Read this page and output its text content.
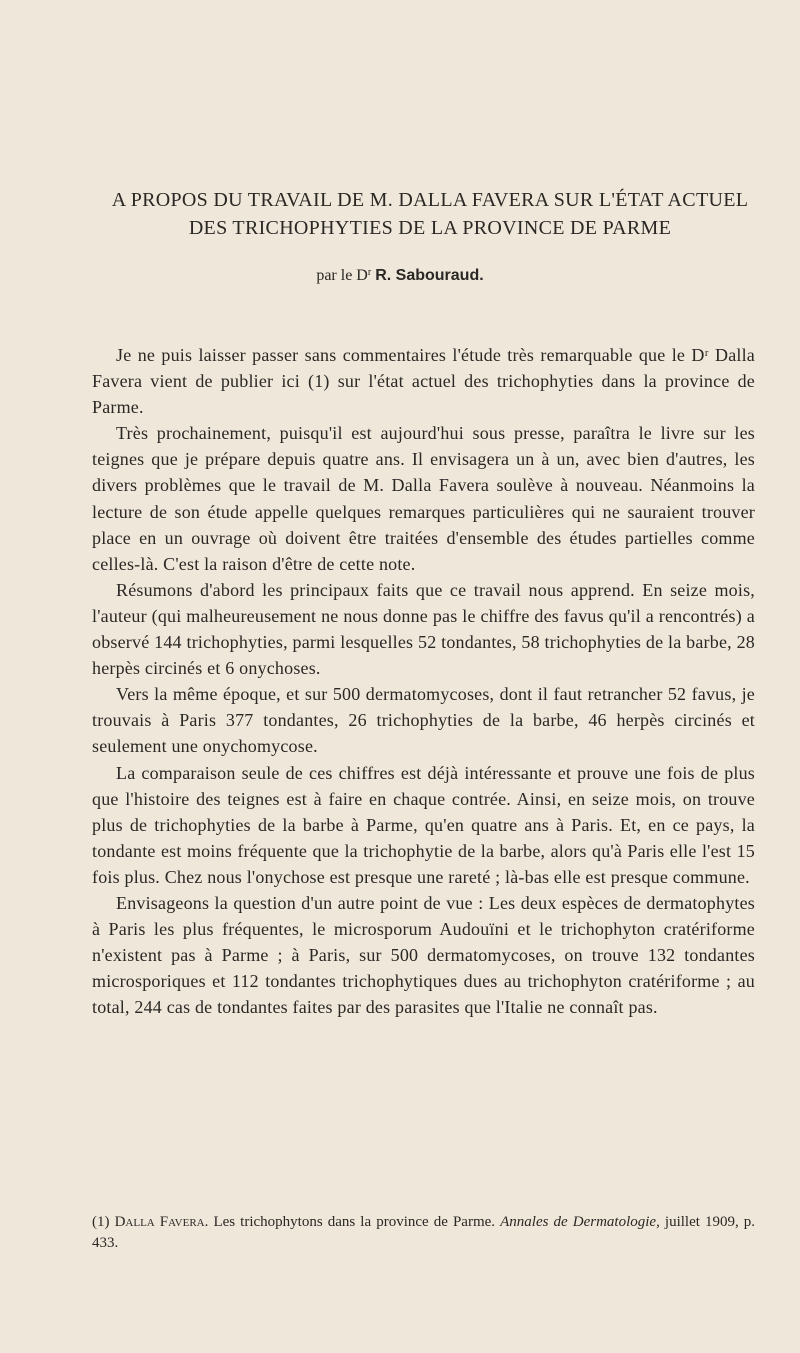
A PROPOS DU TRAVAIL DE M. DALLA FAVERA SUR L'ÉTAT ACTUEL DES TRICHOPHYTIES DE LA PROVINCE DE PARME
par le $D^r$ R. Sabouraud.

Je ne puis laisser passer sans commentaires l'étude très remarquable que le Dʳ Dalla Favera vient de publier ici (1) sur l'état actuel des trichophyties dans la province de Parme.

Très prochainement, puisqu'il est aujourd'hui sous presse, paraîtra le livre sur les teignes que je prépare depuis quatre ans. Il envisagera un à un, avec bien d'autres, les divers problèmes que le travail de M. Dalla Favera soulève à nouveau. Néanmoins la lecture de son étude appelle quelques remarques particulières qui ne sauraient trouver place en un ouvrage où doivent être traitées d'ensemble des études partielles comme celles-là. C'est la raison d'être de cette note.

Résumons d'abord les principaux faits que ce travail nous apprend. En seize mois, l'auteur (qui malheureusement ne nous donne pas le chiffre des favus qu'il a rencontrés) a observé 144 trichophyties, parmi lesquelles 52 tondantes, 58 trichophyties de la barbe, 28 herpès circinés et 6 onychoses.

Vers la même époque, et sur 500 dermatomycoses, dont il faut retrancher 52 favus, je trouvais à Paris 377 tondantes, 26 trichophyties de la barbe, 46 herpès circinés et seulement une onychomycose.

La comparaison seule de ces chiffres est déjà intéressante et prouve une fois de plus que l'histoire des teignes est à faire en chaque contrée. Ainsi, en seize mois, on trouve plus de trichophyties de la barbe à Parme, qu'en quatre ans à Paris. Et, en ce pays, la tondante est moins fréquente que la trichophytie de la barbe, alors qu'à Paris elle l'est 15 fois plus. Chez nous l'onychose est presque une rareté ; là-bas elle est presque commune.

Envisageons la question d'un autre point de vue : Les deux espèces de dermatophytes à Paris les plus fréquentes, le microsporum Audouïni et le trichophyton cratériforme n'existent pas à Parme ; à Paris, sur 500 dermatomycoses, on trouve 132 tondantes microsporiques et 112 tondantes trichophytiques dues au trichophyton cratériforme ; au total, 244 cas de tondantes faites par des parasites que l'Italie ne connaît pas.

(1) Dalla Favera. Les trichophytons dans la province de Parme. Annales de Dermatologie, juillet 1909, p. 433.
